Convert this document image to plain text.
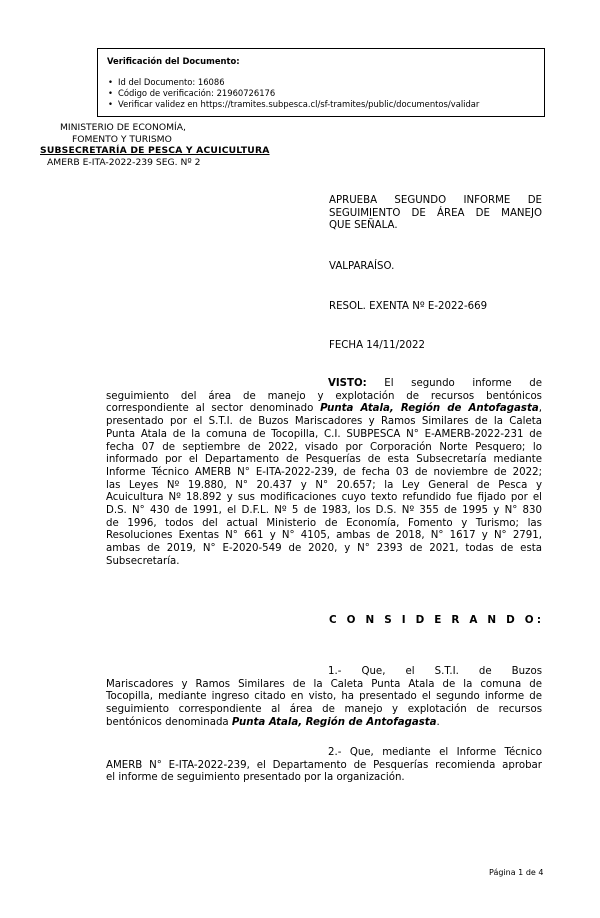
Verificación del Documento:
• Id del Documento: 16086
• Código de verificación: 21960726176
• Verificar validez en https://tramites.subpesca.cl/sf-tramites/public/documentos/validar
MINISTERIO DE ECONOMÍA,
FOMENTO Y TURISMO
SUBSECRETARÍA DE PESCA Y ACUICULTURA
AMERB E-ITA-2022-239 SEG. Nº 2
APRUEBA SEGUNDO INFORME DE
SEGUIMIENTO DE ÁREA DE MANEJO
QUE SEÑALA.
VALPARAÍSO.
RESOL. EXENTA Nº E-2022-669
FECHA 14/11/2022
VISTO: El segundo informe de
seguimiento del área de manejo y explotación de recursos bentónicos
correspondiente al sector denominado Punta Atala, Región de Antofagasta,
presentado por el S.T.I. de Buzos Mariscadores y Ramos Similares de la Caleta
Punta Atala de la comuna de Tocopilla, C.I. SUBPESCA N° E-AMERB-2022-231 de
fecha 07 de septiembre de 2022, visado por Corporación Norte Pesquero; lo
informado por el Departamento de Pesquerías de esta Subsecretaría mediante
Informe Técnico AMERB N° E-ITA-2022-239, de fecha 03 de noviembre de 2022;
las Leyes Nº 19.880, N° 20.437 y N° 20.657; la Ley General de Pesca y
Acuicultura Nº 18.892 y sus modificaciones cuyo texto refundido fue fijado por el
D.S. N° 430 de 1991, el D.F.L. Nº 5 de 1983, los D.S. Nº 355 de 1995 y N° 830
de 1996, todos del actual Ministerio de Economía, Fomento y Turismo; las
Resoluciones Exentas N° 661 y N° 4105, ambas de 2018, N° 1617 y N° 2791,
ambas de 2019, N° E-2020-549 de 2020, y N° 2393 de 2021, todas de esta
Subsecretaría.
C O N S I D E R A N D O:
1.- Que, el S.T.I. de Buzos
Mariscadores y Ramos Similares de la Caleta Punta Atala de la comuna de
Tocopilla, mediante ingreso citado en visto, ha presentado el segundo informe de
seguimiento correspondiente al área de manejo y explotación de recursos
bentónicos denominada Punta Atala, Región de Antofagasta.
2.- Que, mediante el Informe Técnico
AMERB N° E-ITA-2022-239, el Departamento de Pesquerías recomienda aprobar
el informe de seguimiento presentado por la organización.
Página 1 de 4
